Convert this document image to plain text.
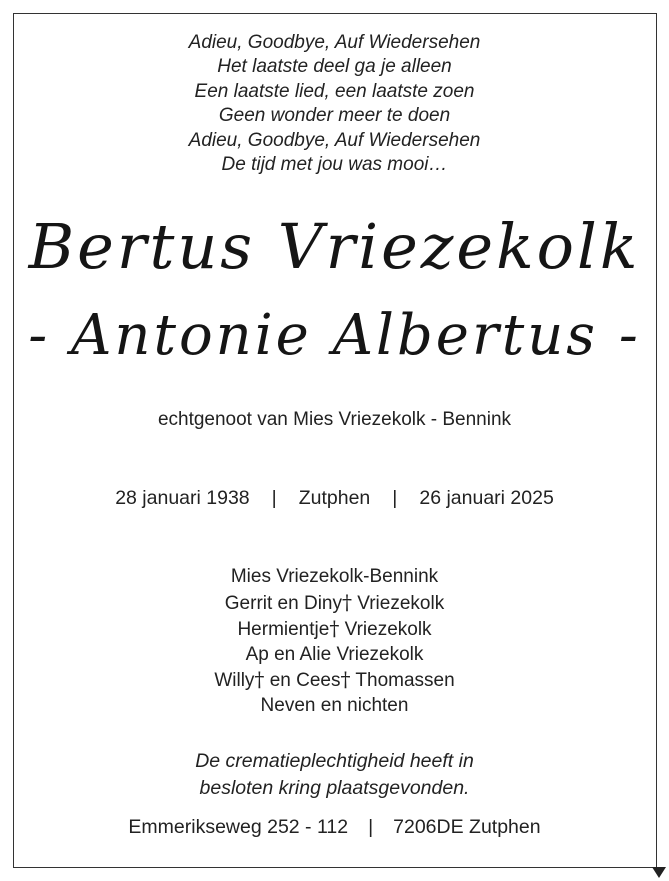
Adieu, Goodbye, Auf Wiedersehen
Het laatste deel ga je alleen
Een laatste lied, een laatste zoen
Geen wonder meer te doen
Adieu, Goodbye, Auf Wiedersehen
De tijd met jou was mooi…
Bertus Vriezekolk
- Antonie Albertus -
echtgenoot van Mies Vriezekolk - Bennink
28 januari 1938 | Zutphen | 26 januari 2025
Mies Vriezekolk-Bennink
Gerrit en Diny† Vriezekolk
Hermientje† Vriezekolk
Ap en Alie Vriezekolk
Willy† en Cees† Thomassen
Neven en nichten
De crematieplechtigheid heeft in
besloten kring plaatsgevonden.
Emmerikseweg 252 - 112 | 7206DE Zutphen
